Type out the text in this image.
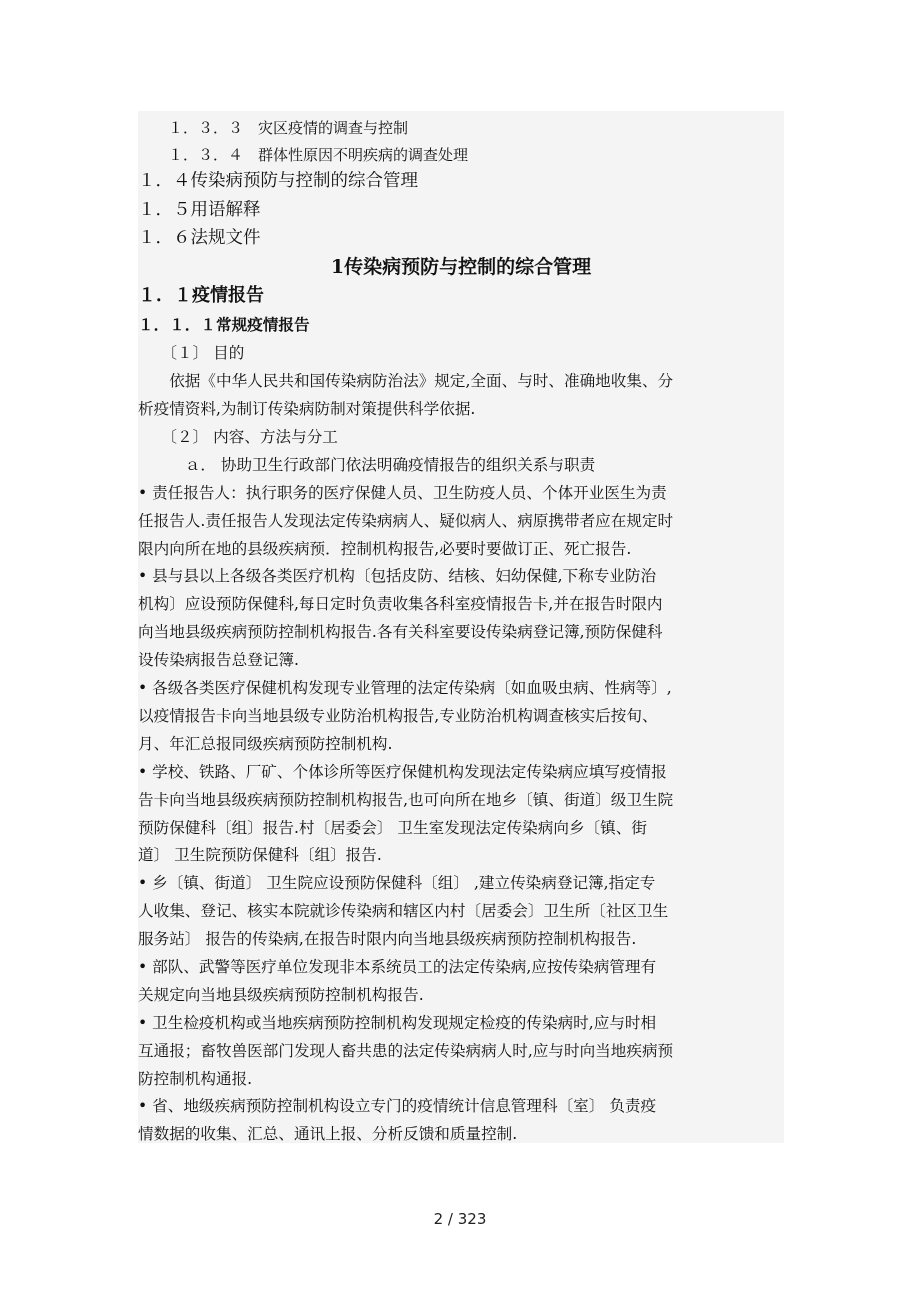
　　１．３．３　灾区疫情的调查与控制
　　１．３．４　群体性原因不明疾病的调查处理
１．４传染病预防与控制的综合管理
１．５用语解释
１．６法规文件
1传染病预防与控制的综合管理
１．１疫情报告
１．１．１常规疫情报告
　　〔１〕 目的
　　依据《中华人民共和国传染病防治法》规定,全面、与时、准确地收集、分
析疫情资料,为制订传染病防制对策提供科学依据.
　　〔２〕 内容、方法与分工
　　　ａ． 协助卫生行政部门依法明确疫情报告的组织关系与职责
• 责任报告人：执行职务的医疗保健人员、卫生防疫人员、个体开业医生为责
任报告人.责任报告人发现法定传染病病人、疑似病人、病原携带者应在规定时
限内向所在地的县级疾病预．控制机构报告,必要时要做订正、死亡报告.
• 县与县以上各级各类医疗机构〔包括皮防、结核、妇幼保健,下称专业防治
机构〕应设预防保健科,每日定时负责收集各科室疫情报告卡,并在报告时限内
向当地县级疾病预防控制机构报告.各有关科室要设传染病登记簿,预防保健科
设传染病报告总登记簿.
• 各级各类医疗保健机构发现专业管理的法定传染病〔如血吸虫病、性病等〕,
以疫情报告卡向当地县级专业防治机构报告,专业防治机构调查核实后按旬、
月、年汇总报同级疾病预防控制机构.
• 学校、铁路、厂矿、个体诊所等医疗保健机构发现法定传染病应填写疫情报
告卡向当地县级疾病预防控制机构报告,也可向所在地乡〔镇、街道〕级卫生院
预防保健科〔组〕报告.村〔居委会〕 卫生室发现法定传染病向乡〔镇、街
道〕 卫生院预防保健科〔组〕报告.
• 乡〔镇、街道〕 卫生院应设预防保健科〔组〕 ,建立传染病登记簿,指定专
人收集、登记、核实本院就诊传染病和辖区内村〔居委会〕卫生所〔社区卫生
服务站〕 报告的传染病,在报告时限内向当地县级疾病预防控制机构报告.
• 部队、武警等医疗单位发现非本系统员工的法定传染病,应按传染病管理有
关规定向当地县级疾病预防控制机构报告.
• 卫生检疫机构或当地疾病预防控制机构发现规定检疫的传染病时,应与时相
互通报；畜牧兽医部门发现人畜共患的法定传染病病人时,应与时向当地疾病预
防控制机构通报.
• 省、地级疾病预防控制机构设立专门的疫情统计信息管理科〔室〕 负责疫
情数据的收集、汇总、通讯上报、分析反馈和质量控制.
2 / 323
